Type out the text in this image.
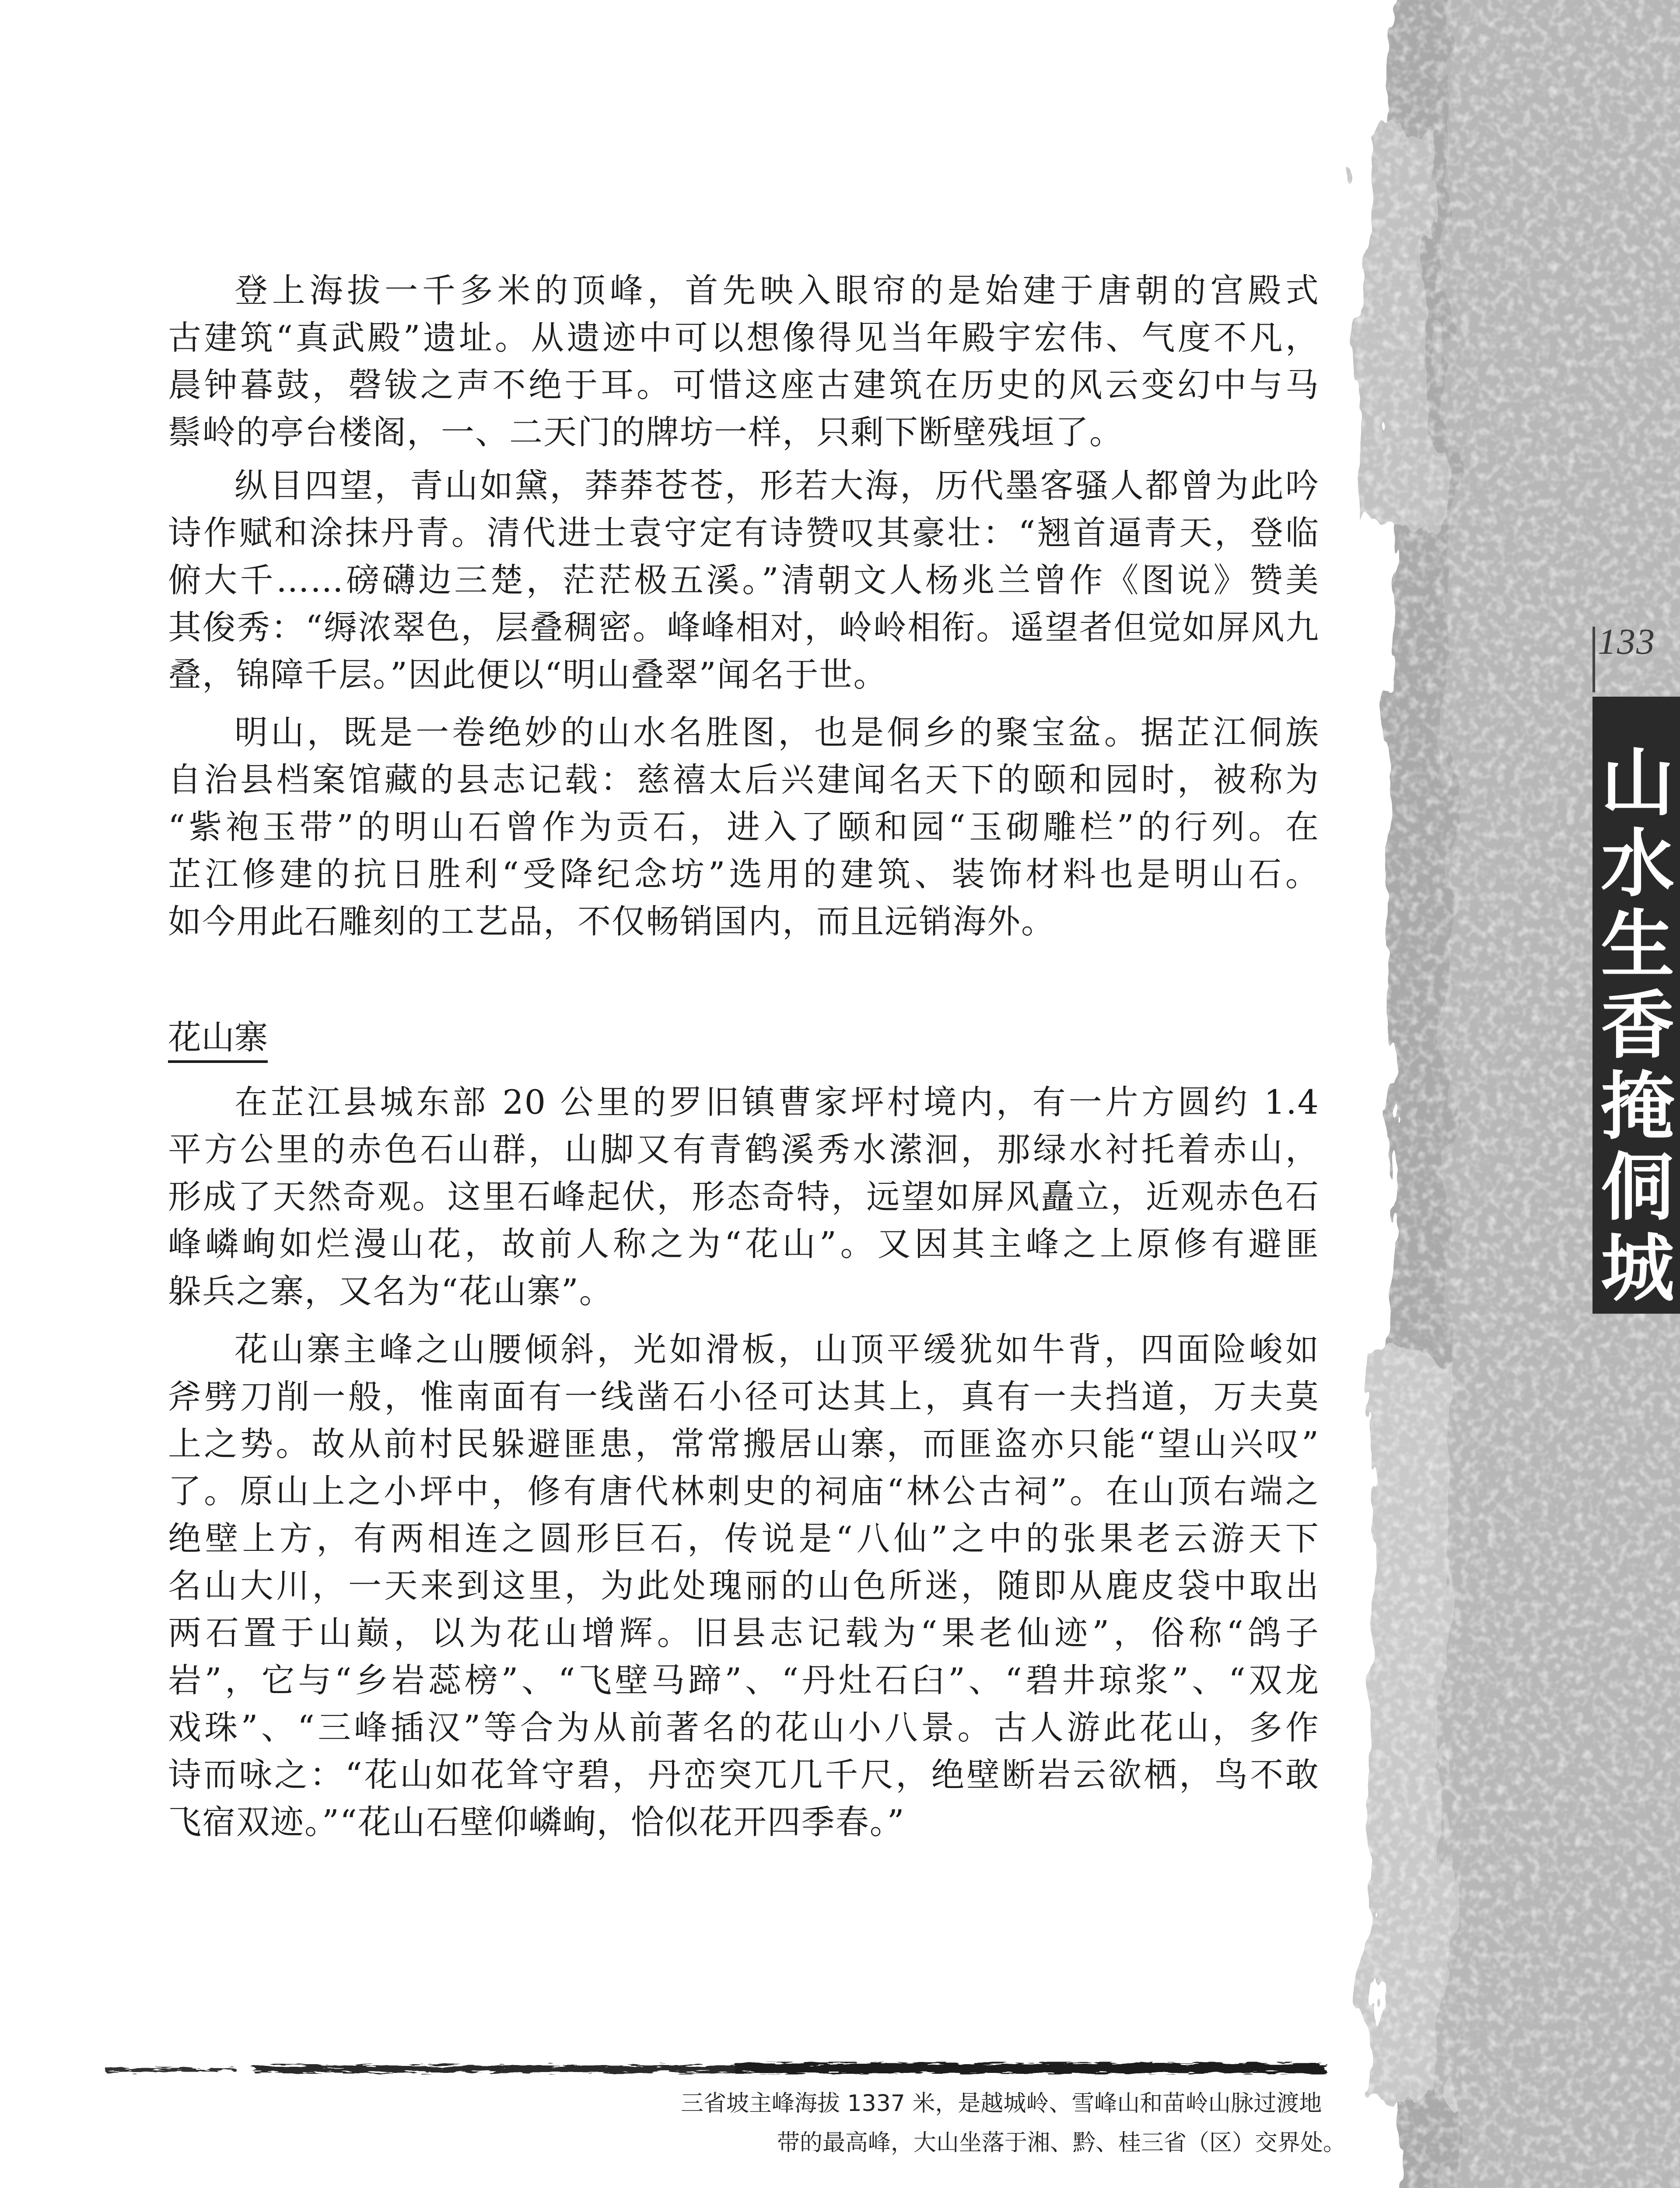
133
山
水
生
香
掩
侗
城
登上海拔一千多米的顶峰，首先映入眼帘的是始建于唐朝的宫殿式
古建筑“真武殿”遗址。从遗迹中可以想像得见当年殿宇宏伟、气度不凡，
晨钟暮鼓，磬钹之声不绝于耳。可惜这座古建筑在历史的风云变幻中与马
鬃岭的亭台楼阁，一、二天门的牌坊一样，只剩下断壁残垣了。
纵目四望，青山如黛，莽莽苍苍，形若大海，历代墨客骚人都曾为此吟
诗作赋和涂抹丹青。清代进士袁守定有诗赞叹其豪壮：“翘首逼青天，登临
俯大千……磅礴边三楚，茫茫极五溪。”清朝文人杨兆兰曾作《图说》赞美
其俊秀：“缛浓翠色，层叠稠密。峰峰相对，岭岭相衔。遥望者但觉如屏风九
叠，锦障千层。”因此便以“明山叠翠”闻名于世。
明山，既是一卷绝妙的山水名胜图，也是侗乡的聚宝盆。据芷江侗族
自治县档案馆藏的县志记载：慈禧太后兴建闻名天下的颐和园时，被称为
“紫袍玉带”的明山石曾作为贡石，进入了颐和园“玉砌雕栏”的行列。在
芷江修建的抗日胜利“受降纪念坊”选用的建筑、装饰材料也是明山石。
如今用此石雕刻的工艺品，不仅畅销国内，而且远销海外。
花山寨
在芷江县城东部 20 公里的罗旧镇曹家坪村境内，有一片方圆约 1.4
平方公里的赤色石山群，山脚又有青鹤溪秀水潆洄，那绿水衬托着赤山，
形成了天然奇观。这里石峰起伏，形态奇特，远望如屏风矗立，近观赤色石
峰嶙峋如烂漫山花，故前人称之为“花山”。又因其主峰之上原修有避匪
躲兵之寨，又名为“花山寨”。
花山寨主峰之山腰倾斜，光如滑板，山顶平缓犹如牛背，四面险峻如
斧劈刀削一般，惟南面有一线凿石小径可达其上，真有一夫挡道，万夫莫
上之势。故从前村民躲避匪患，常常搬居山寨，而匪盗亦只能“望山兴叹”
了。原山上之小坪中，修有唐代林刺史的祠庙“林公古祠”。在山顶右端之
绝壁上方，有两相连之圆形巨石，传说是“八仙”之中的张果老云游天下
名山大川，一天来到这里，为此处瑰丽的山色所迷，随即从鹿皮袋中取出
两石置于山巅，以为花山增辉。旧县志记载为“果老仙迹”，俗称“鸽子
岩”，它与“乡岩蕊榜”、“飞壁马蹄”、“丹灶石臼”、“碧井琼浆”、“双龙
戏珠”、“三峰插汉”等合为从前著名的花山小八景。古人游此花山，多作
诗而咏之：“花山如花耸守碧，丹峦突兀几千尺，绝壁断岩云欲栖，鸟不敢
飞宿双迹。”“花山石壁仰嶙峋，恰似花开四季春。”
三省坡主峰海拔 1337 米，是越城岭、雪峰山和苗岭山脉过渡地
带的最高峰，大山坐落于湘、黔、桂三省（区）交界处。
